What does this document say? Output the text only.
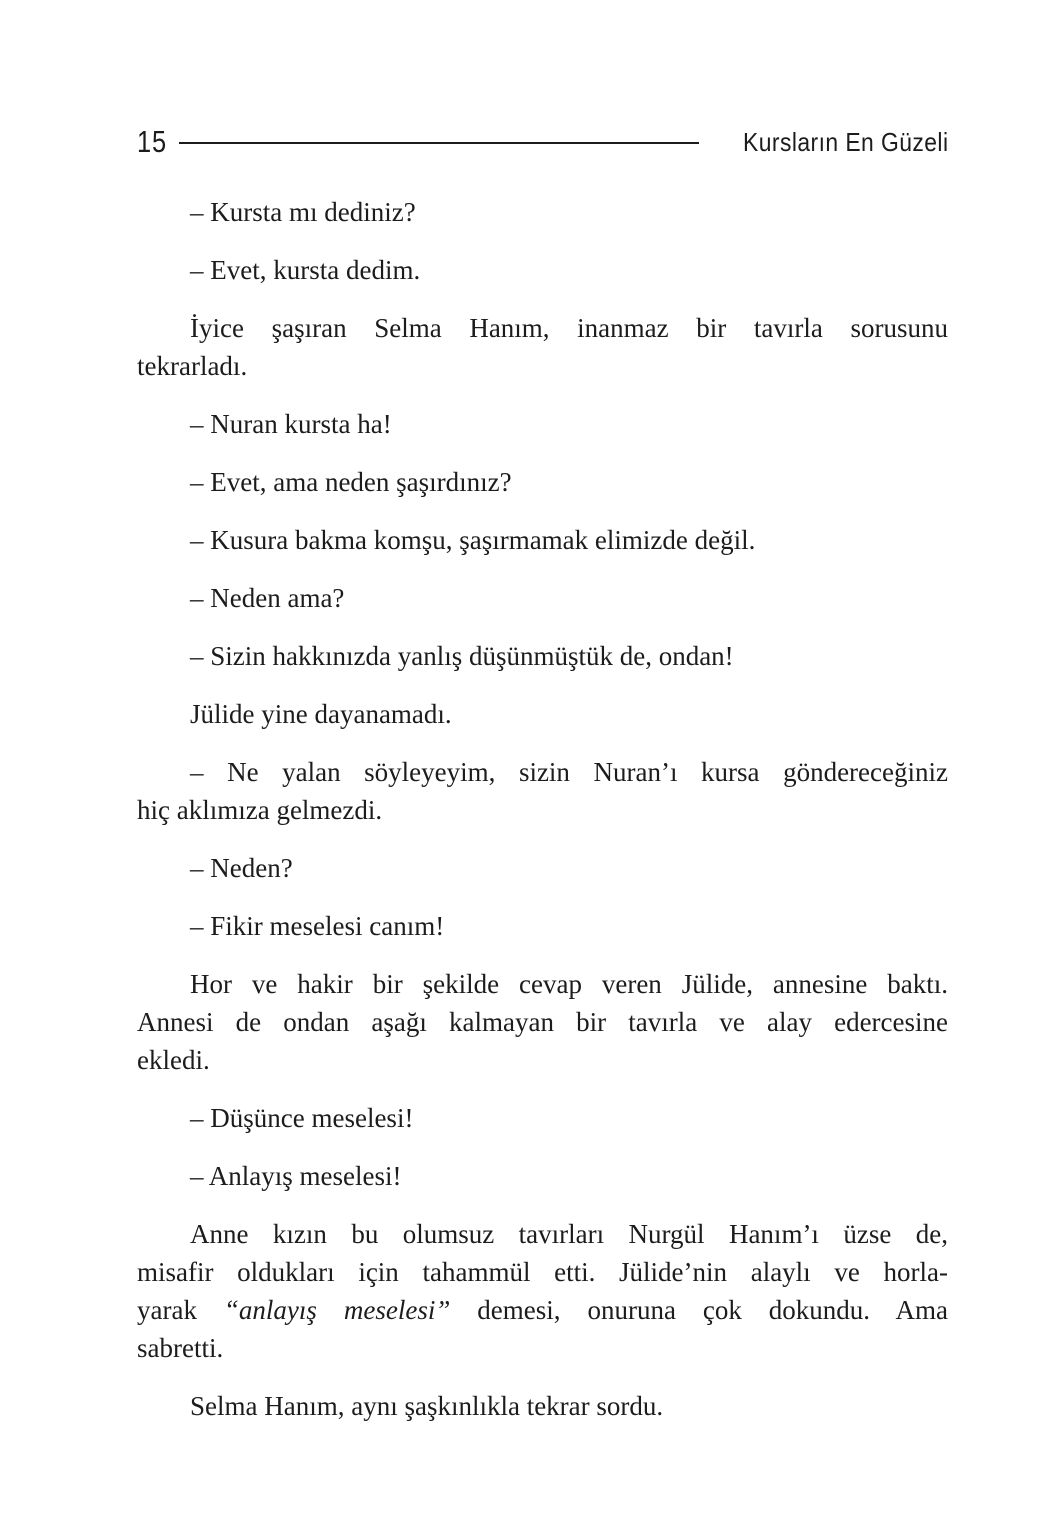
15	Kursların En Güzeli

– Kursta mı dediniz?

– Evet, kursta dedim.

İyice şaşıran Selma Hanım, inanmaz bir tavırla sorusunu
tekrarladı.

– Nuran kursta ha!

– Evet, ama neden şaşırdınız?

– Kusura bakma komşu, şaşırmamak elimizde değil.

– Neden ama?

– Sizin hakkınızda yanlış düşünmüştük de, ondan!

Jülide yine dayanamadı.

– Ne yalan söyleyeyim, sizin Nuran’ı kursa göndereceğiniz
hiç aklımıza gelmezdi.

– Neden?

– Fikir meselesi canım!

Hor ve hakir bir şekilde cevap veren Jülide, annesine baktı.
Annesi de ondan aşağı kalmayan bir tavırla ve alay edercesine
ekledi.

– Düşünce meselesi!

– Anlayış meselesi!

Anne kızın bu olumsuz tavırları Nurgül Hanım’ı üzse de,
misafir oldukları için tahammül etti. Jülide’nin alaylı ve horla-
yarak “anlayış meselesi” demesi, onuruna çok dokundu. Ama
sabretti.

Selma Hanım, aynı şaşkınlıkla tekrar sordu.
